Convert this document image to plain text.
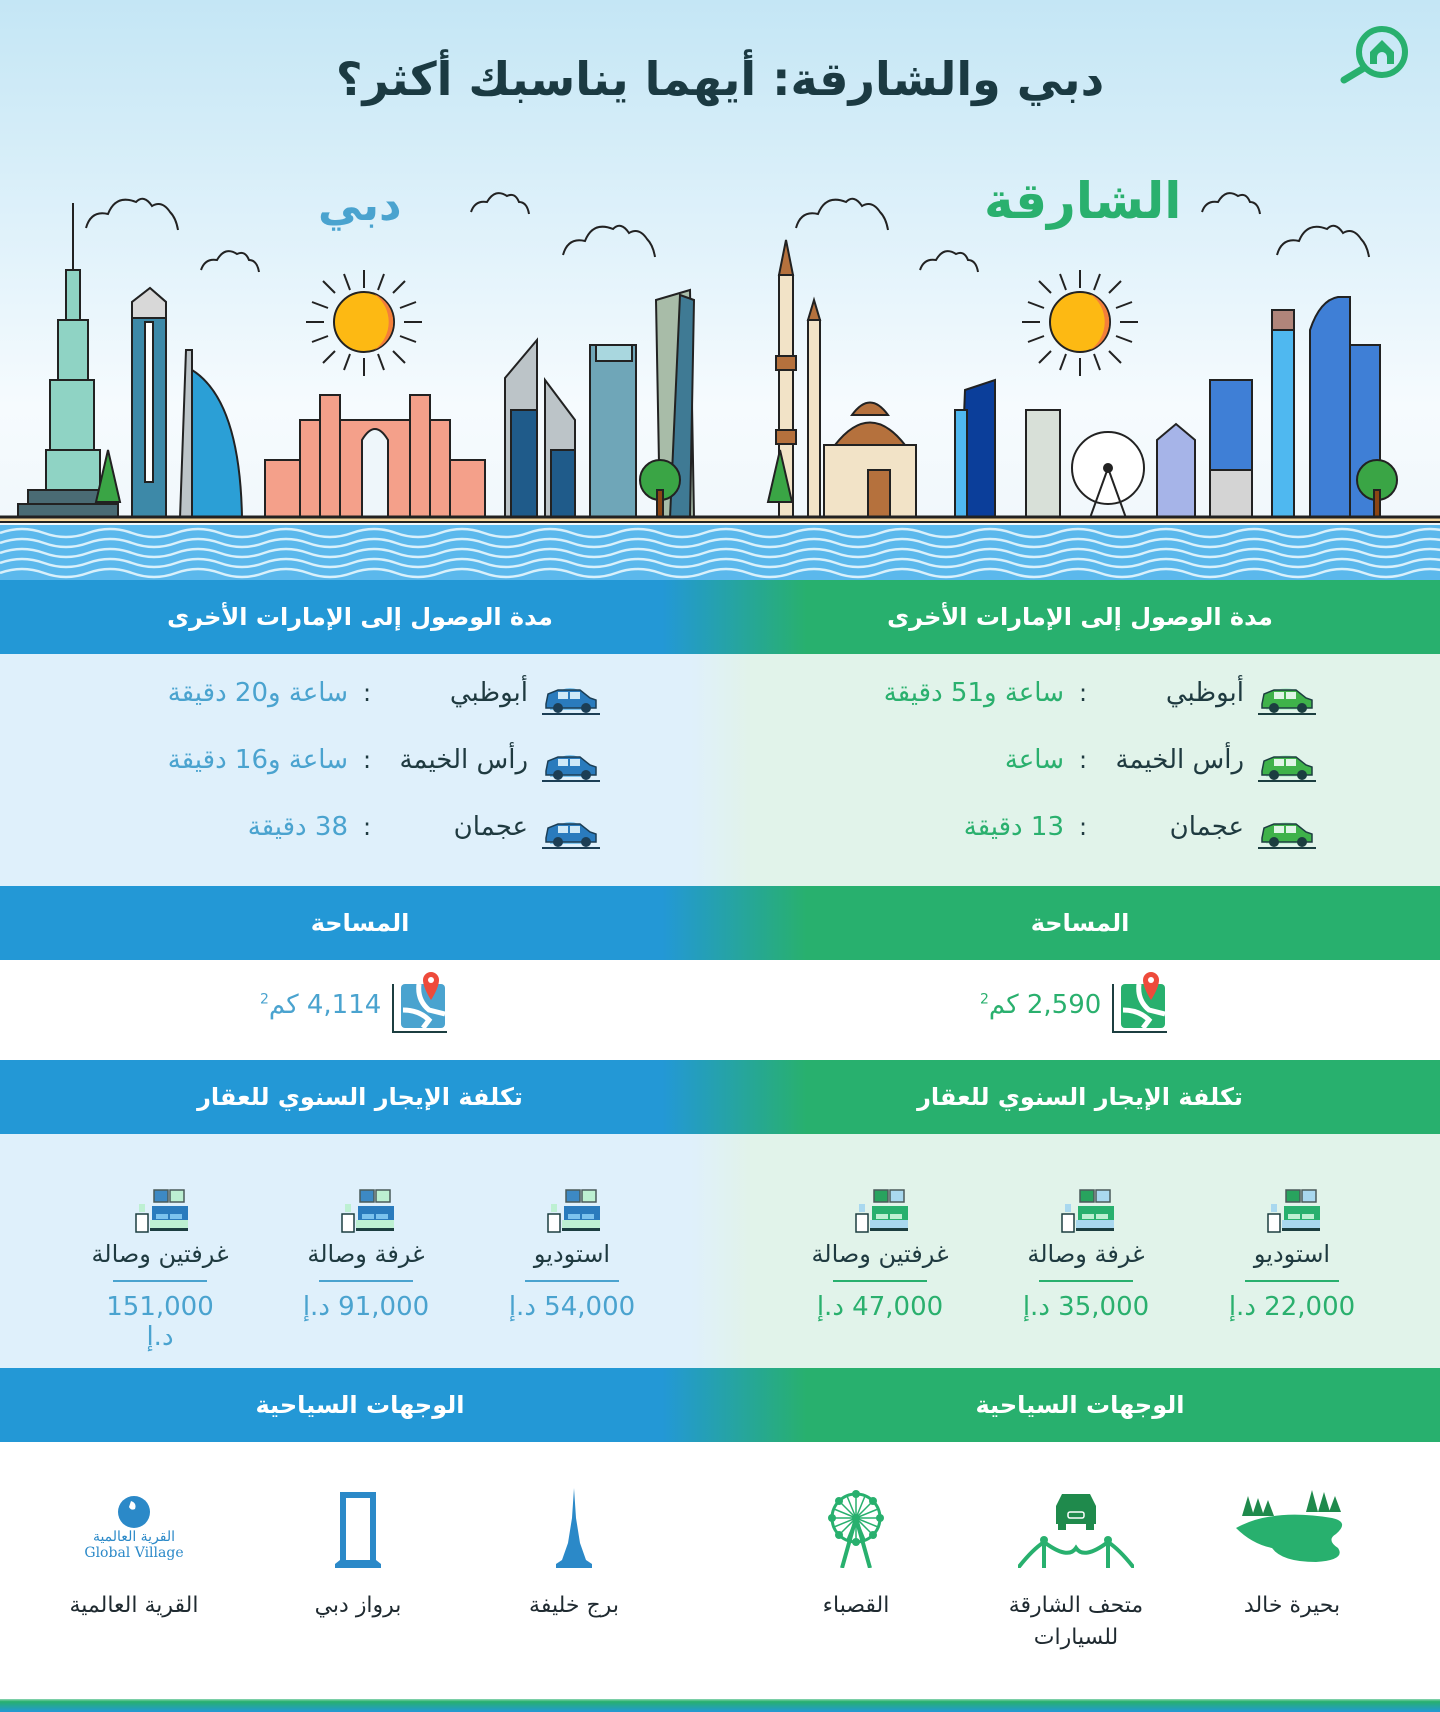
دبي والشارقة: أيهما يناسبك أكثر؟
دبي	الشارقة
مدة الوصول إلى الإمارات الأخرى	مدة الوصول إلى الإمارات الأخرى
أبوظبي
:
ساعة و20 دقيقة
رأس الخيمة
:
ساعة و16 دقيقة
عجمان
:
38 دقيقة
أبوظبي
:
ساعة و51 دقيقة
رأس الخيمة
:
ساعة
عجمان
:
13 دقيقة
المساحة	المساحة
4,114 كم$^2$	2,590 كم$^2$
تكلفة الإيجار السنوي للعقار	تكلفة الإيجار السنوي للعقار
استوديو
54,000 د.إ
غرفة وصالة
91,000 د.إ
غرفتين وصالة
151,000 د.إ
استوديو
22,000 د.إ
غرفة وصالة
35,000 د.إ
غرفتين وصالة
47,000 د.إ
الوجهات السياحية	الوجهات السياحية
برج خليفة
برواز دبي
القرية العالمية
Global Village
القرية العالمية	بحيرة خالد
متحف الشارقة
للسيارات
القصباء
